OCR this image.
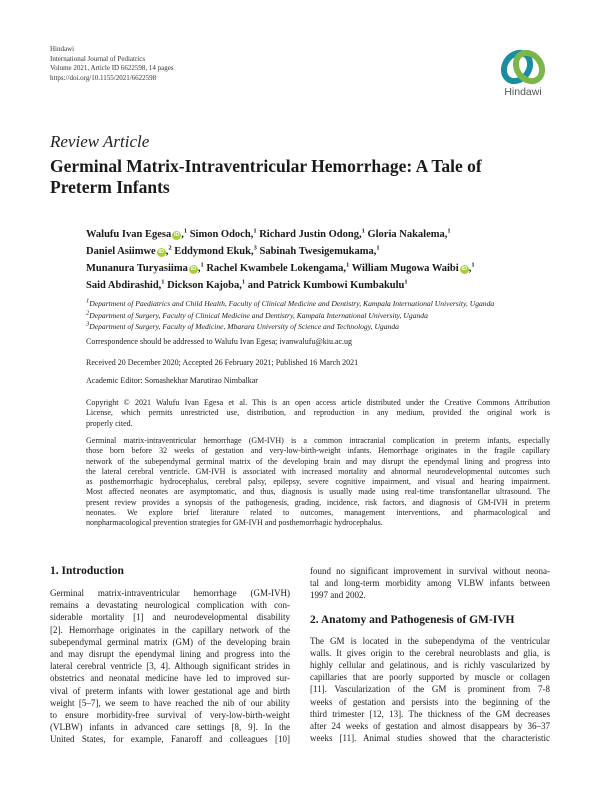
Hindawi
International Journal of Pediatrics
Volume 2021, Article ID 6622598, 14 pages
https://doi.org/10.1155/2021/6622598
Hindawi
Review Article
Germinal Matrix-Intraventricular Hemorrhage: A Tale of
Preterm Infants
Walufu Ivan Egesa iD ,$^1$ Simon Odoch,$^1$ Richard Justin Odong,$^1$ Gloria Nakalema,$^1$
Daniel Asiimwe iD ,$^2$ Eddymond Ekuk,$^3$ Sabinah Twesigemukama,$^1$
Munanura Turyasiima iD ,$^1$ Rachel Kwambele Lokengama,$^1$ William Mugowa Waibi iD ,$^1$
Said Abdirashid,$^1$ Dickson Kajoba,$^1$ and Patrick Kumbowi Kumbakulu$^1$
$^1$Department of Paediatrics and Child Health, Faculty of Clinical Medicine and Dentistry, Kampala International University, Uganda
$^2$Department of Surgery, Faculty of Clinical Medicine and Dentistry, Kampala International University, Uganda
$^3$Department of Surgery, Faculty of Medicine, Mbarara University of Science and Technology, Uganda
Correspondence should be addressed to Walufu Ivan Egesa; ivanwalufu@kiu.ac.ug
Received 20 December 2020; Accepted 26 February 2021; Published 16 March 2021
Academic Editor: Somashekhar Marutirao Nimbalkar
Copyright © 2021 Walufu Ivan Egesa et al. This is an open access article distributed under the Creative Commons Attribution
License, which permits unrestricted use, distribution, and reproduction in any medium, provided the original work is
properly cited.
Germinal matrix-intraventricular hemorrhage (GM-IVH) is a common intracranial complication in preterm infants, especially
those born before 32 weeks of gestation and very-low-birth-weight infants. Hemorrhage originates in the fragile capillary
network of the subependymal germinal matrix of the developing brain and may disrupt the ependymal lining and progress into
the lateral cerebral ventricle. GM-IVH is associated with increased mortality and abnormal neurodevelopmental outcomes such
as posthemorrhagic hydrocephalus, cerebral palsy, epilepsy, severe cognitive impairment, and visual and hearing impairment.
Most affected neonates are asymptomatic, and thus, diagnosis is usually made using real-time transfontanellar ultrasound. The
present review provides a synopsis of the pathogenesis, grading, incidence, risk factors, and diagnosis of GM-IVH in preterm
neonates. We explore brief literature related to outcomes, management interventions, and pharmacological and
nonpharmacological prevention strategies for GM-IVH and posthemorrhagic hydrocephalus.
1. Introduction
Germinal matrix-intraventricular hemorrhage (GM-IVH)
remains a devastating neurological complication with con-
siderable mortality [1] and neurodevelopmental disability
[2]. Hemorrhage originates in the capillary network of the
subependymal germinal matrix (GM) of the developing brain
and may disrupt the ependymal lining and progress into the
lateral cerebral ventricle [3, 4]. Although significant strides in
obstetrics and neonatal medicine have led to improved sur-
vival of preterm infants with lower gestational age and birth
weight [5–7], we seem to have reached the nib of our ability
to ensure morbidity-free survival of very-low-birth-weight
(VLBW) infants in advanced care settings [8, 9]. In the
United States, for example, Fanaroff and colleagues [10]
found no significant improvement in survival without neona-
tal and long-term morbidity among VLBW infants between
1997 and 2002.
2. Anatomy and Pathogenesis of GM-IVH
The GM is located in the subependyma of the ventricular
walls. It gives origin to the cerebral neuroblasts and glia, is
highly cellular and gelatinous, and is richly vascularized by
capillaries that are poorly supported by muscle or collagen
[11]. Vascularization of the GM is prominent from 7-8
weeks of gestation and persists into the beginning of the
third trimester [12, 13]. The thickness of the GM decreases
after 24 weeks of gestation and almost disappears by 36–37
weeks [11]. Animal studies showed that the characteristic
